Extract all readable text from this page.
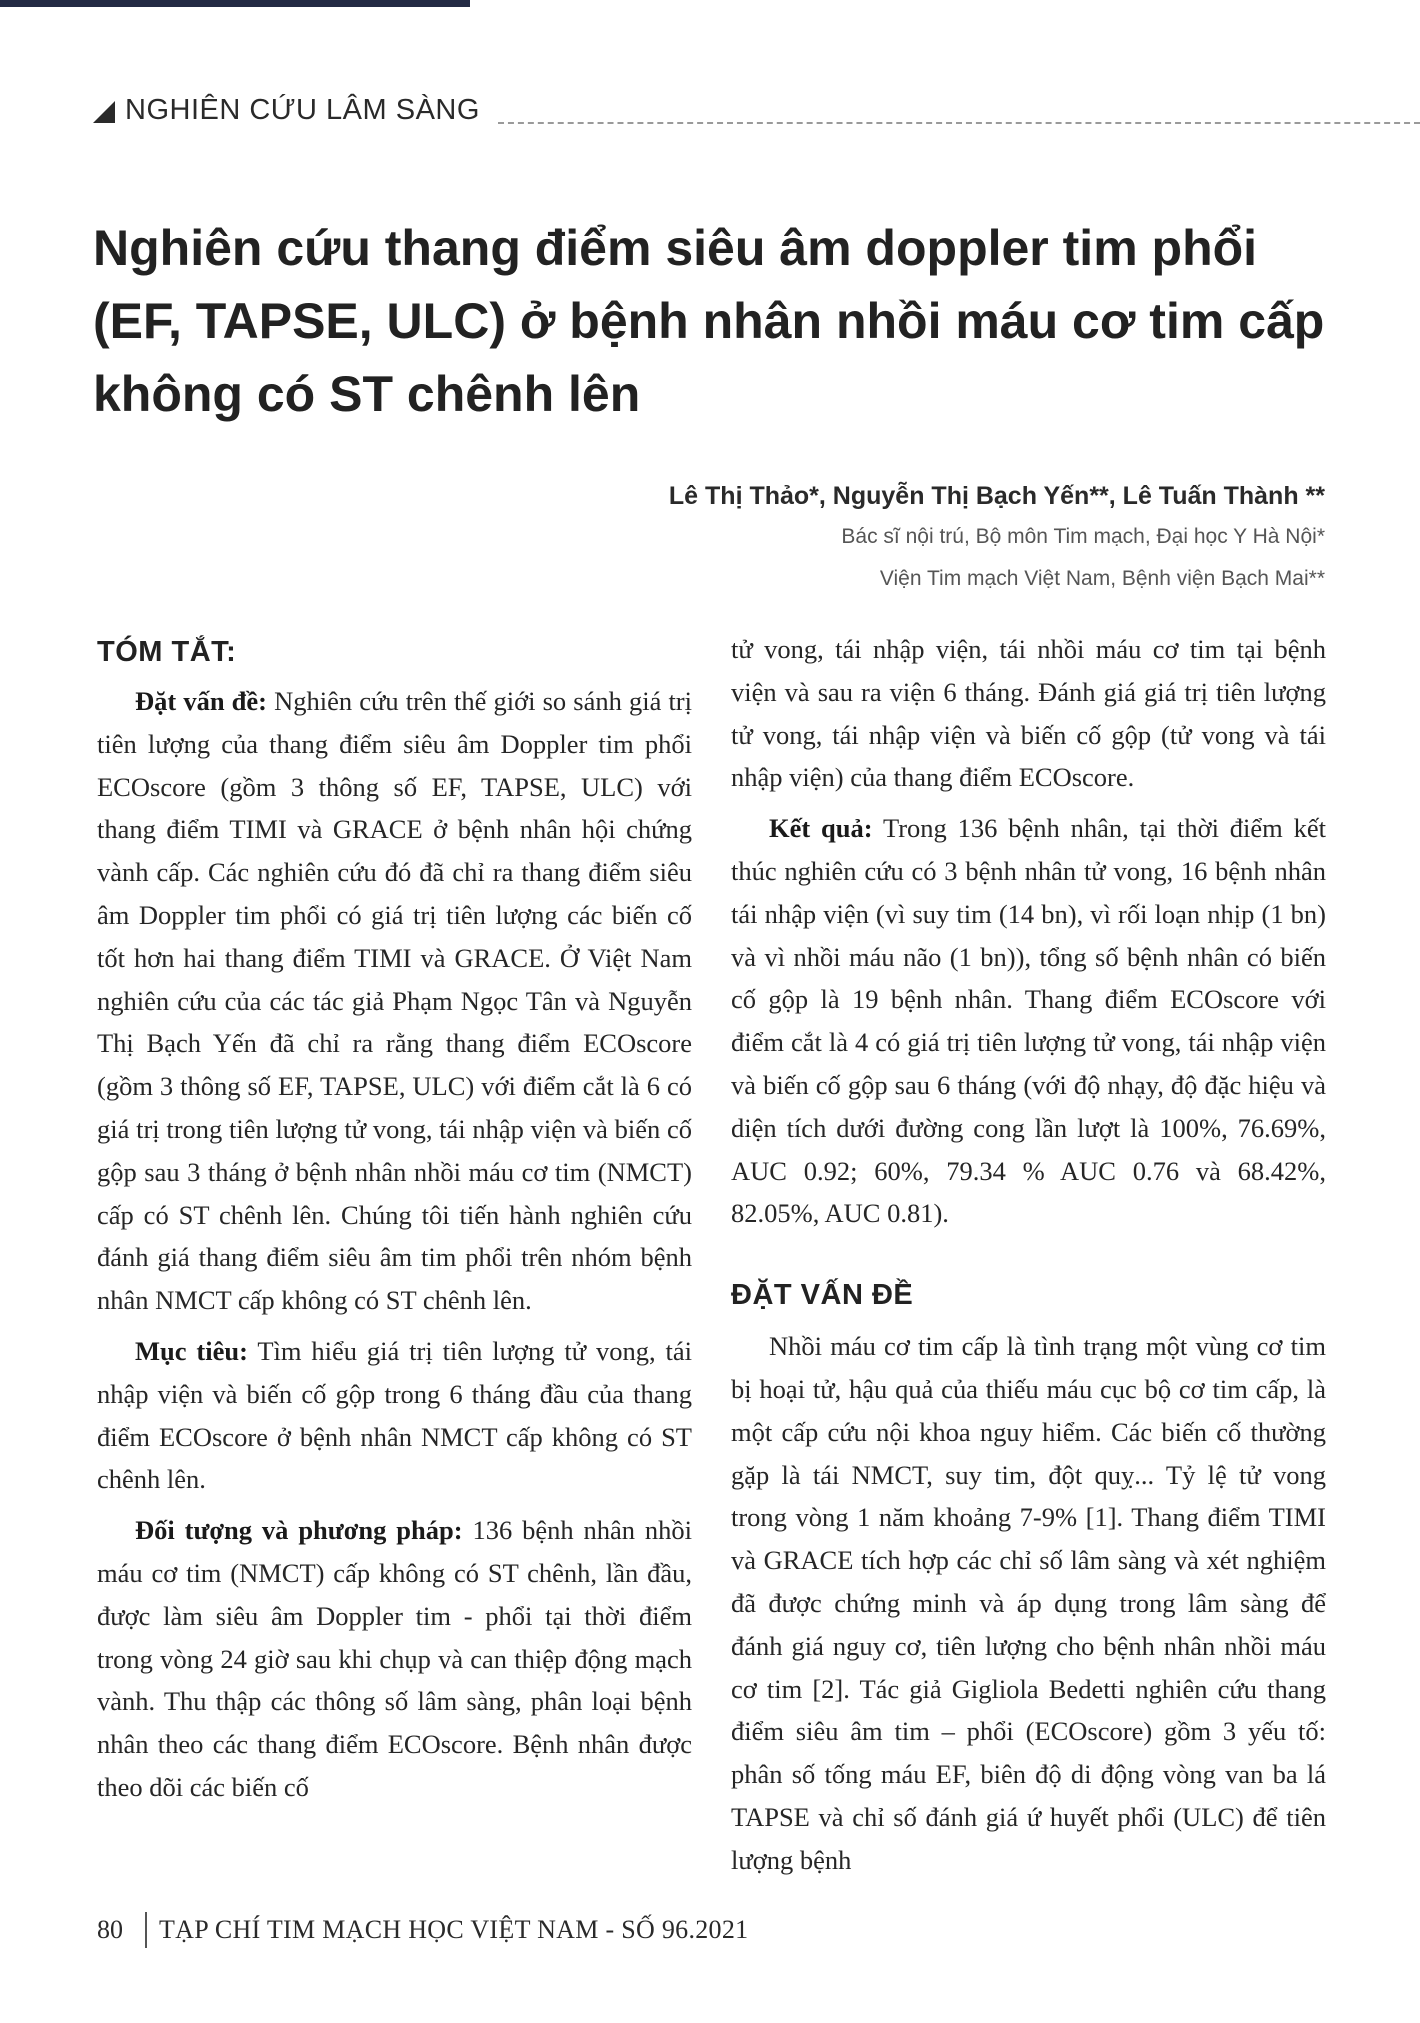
NGHIÊN CỨU LÂM SÀNG
Nghiên cứu thang điểm siêu âm doppler tim phổi
(EF, TAPSE, ULC) ở bệnh nhân nhồi máu cơ tim cấp
không có ST chênh lên
Lê Thị Thảo*, Nguyễn Thị Bạch Yến**, Lê Tuấn Thành **
Bác sĩ nội trú, Bộ môn Tim mạch, Đại học Y Hà Nội*
Viện Tim mạch Việt Nam, Bệnh viện Bạch Mai**
TÓM TẮT:

Đặt vấn đề: Nghiên cứu trên thế giới so sánh giá trị tiên lượng của thang điểm siêu âm Doppler tim phổi ECOscore (gồm 3 thông số EF, TAPSE, ULC) với thang điểm TIMI và GRACE ở bệnh nhân hội chứng vành cấp. Các nghiên cứu đó đã chỉ ra thang điểm siêu âm Doppler tim phổi có giá trị tiên lượng các biến cố tốt hơn hai thang điểm TIMI và GRACE. Ở Việt Nam nghiên cứu của các tác giả Phạm Ngọc Tân và Nguyễn Thị Bạch Yến đã chỉ ra rằng thang điểm ECOscore (gồm 3 thông số EF, TAPSE, ULC) với điểm cắt là 6 có giá trị trong tiên lượng tử vong, tái nhập viện và biến cố gộp sau 3 tháng ở bệnh nhân nhồi máu cơ tim (NMCT) cấp có ST chênh lên. Chúng tôi tiến hành nghiên cứu đánh giá thang điểm siêu âm tim phổi trên nhóm bệnh nhân NMCT cấp không có ST chênh lên.

Mục tiêu: Tìm hiểu giá trị tiên lượng tử vong, tái nhập viện và biến cố gộp trong 6 tháng đầu của thang điểm ECOscore ở bệnh nhân NMCT cấp không có ST chênh lên.

Đối tượng và phương pháp: 136 bệnh nhân nhồi máu cơ tim (NMCT) cấp không có ST chênh, lần đầu, được làm siêu âm Doppler tim - phổi tại thời điểm trong vòng 24 giờ sau khi chụp và can thiệp động mạch vành. Thu thập các thông số lâm sàng, phân loại bệnh nhân theo các thang điểm ECOscore. Bệnh nhân được theo dõi các biến cố

tử vong, tái nhập viện, tái nhồi máu cơ tim tại bệnh viện và sau ra viện 6 tháng. Đánh giá giá trị tiên lượng tử vong, tái nhập viện và biến cố gộp (tử vong và tái nhập viện) của thang điểm ECOscore.

Kết quả: Trong 136 bệnh nhân, tại thời điểm kết thúc nghiên cứu có 3 bệnh nhân tử vong, 16 bệnh nhân tái nhập viện (vì suy tim (14 bn), vì rối loạn nhịp (1 bn) và vì nhồi máu não (1 bn)), tổng số bệnh nhân có biến cố gộp là 19 bệnh nhân. Thang điểm ECOscore với điểm cắt là 4 có giá trị tiên lượng tử vong, tái nhập viện và biến cố gộp sau 6 tháng (với độ nhạy, độ đặc hiệu và diện tích dưới đường cong lần lượt là 100%, 76.69%, AUC 0.92; 60%, 79.34 % AUC 0.76 và 68.42%, 82.05%, AUC 0.81).

ĐẶT VẤN ĐỀ

Nhồi máu cơ tim cấp là tình trạng một vùng cơ tim bị hoại tử, hậu quả của thiếu máu cục bộ cơ tim cấp, là một cấp cứu nội khoa nguy hiểm. Các biến cố thường gặp là tái NMCT, suy tim, đột quỵ... Tỷ lệ tử vong trong vòng 1 năm khoảng 7-9% [1]. Thang điểm TIMI và GRACE tích hợp các chỉ số lâm sàng và xét nghiệm đã được chứng minh và áp dụng trong lâm sàng để đánh giá nguy cơ, tiên lượng cho bệnh nhân nhồi máu cơ tim [2]. Tác giả Gigliola Bedetti nghiên cứu thang điểm siêu âm tim – phổi (ECOscore) gồm 3 yếu tố: phân số tống máu EF, biên độ di động vòng van ba lá TAPSE và chỉ số đánh giá ứ huyết phổi (ULC) để tiên lượng bệnh

80 TẠP CHÍ TIM MẠCH HỌC VIỆT NAM - SỐ 96.2021
